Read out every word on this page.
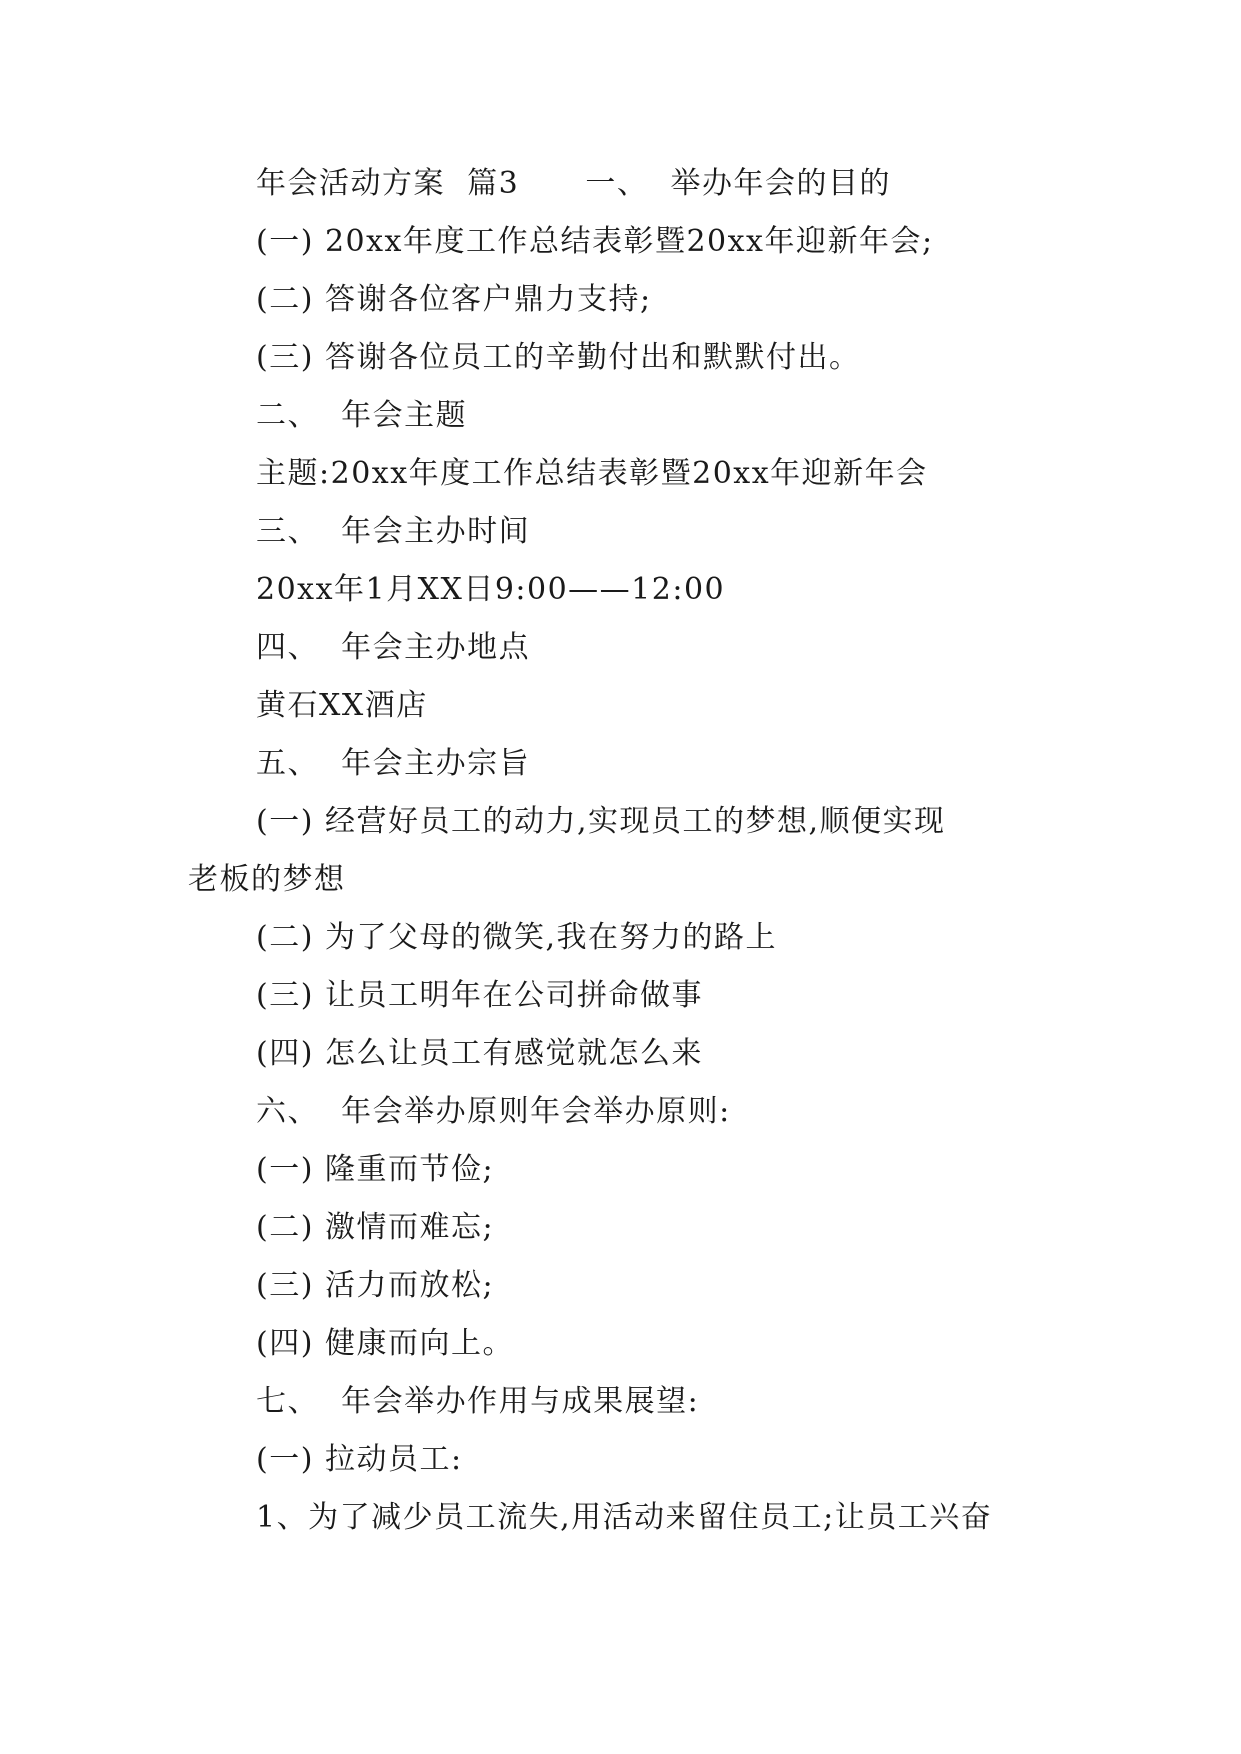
年会活动方案  篇3      一、  举办年会的目的
(一) 20xx年度工作总结表彰暨20xx年迎新年会;
(二) 答谢各位客户鼎力支持;
(三) 答谢各位员工的辛勤付出和默默付出。
二、  年会主题
主题:20xx年度工作总结表彰暨20xx年迎新年会
三、  年会主办时间
20xx年1月XX日9:00——12:00
四、  年会主办地点
黄石XX酒店
五、  年会主办宗旨
(一) 经营好员工的动力,实现员工的梦想,顺便实现
老板的梦想
(二) 为了父母的微笑,我在努力的路上
(三) 让员工明年在公司拼命做事
(四) 怎么让员工有感觉就怎么来
六、  年会举办原则年会举办原则:
(一) 隆重而节俭;
(二) 激情而难忘;
(三) 活力而放松;
(四) 健康而向上。
七、  年会举办作用与成果展望:
(一) 拉动员工:
1、为了减少员工流失,用活动来留住员工;让员工兴奋
